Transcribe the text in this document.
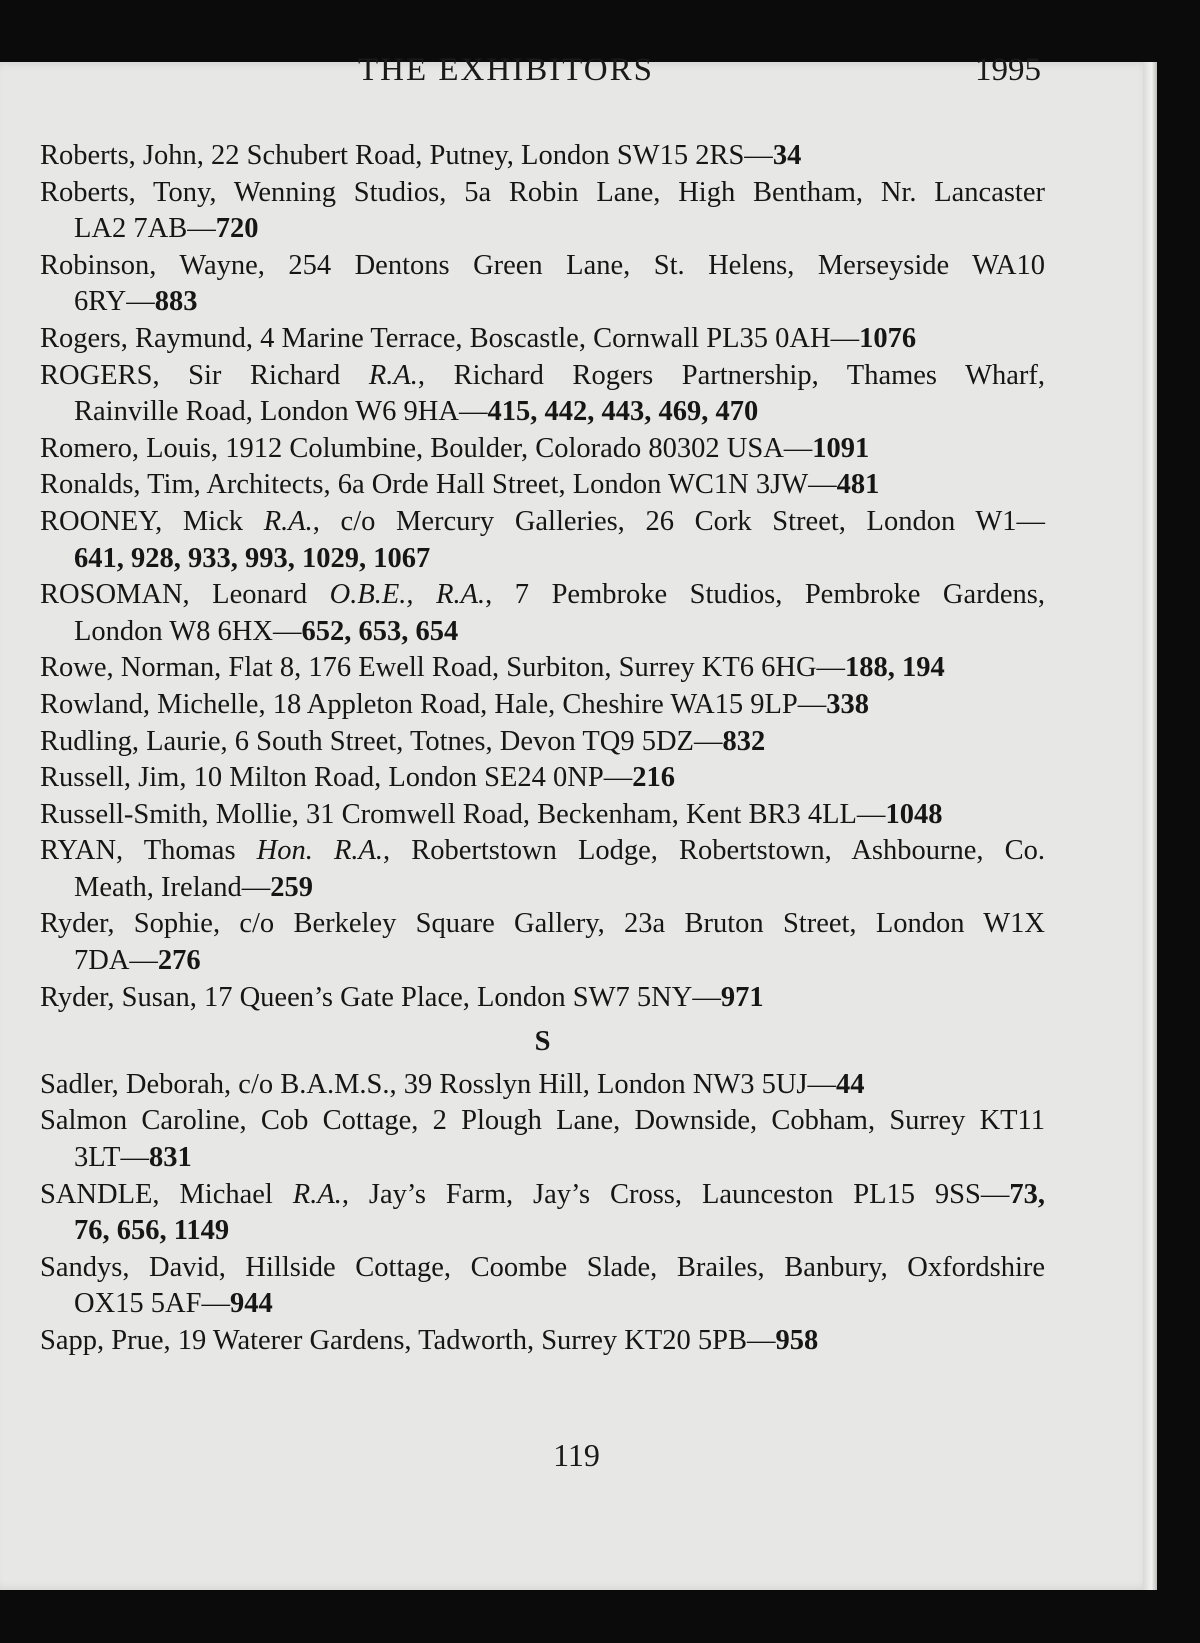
THE EXHIBITORS	1995
Roberts, John, 22 Schubert Road, Putney, London SW15 2RS—34
Roberts, Tony, Wenning Studios, 5a Robin Lane, High Bentham, Nr. Lancaster
LA2 7AB—720
Robinson, Wayne, 254 Dentons Green Lane, St. Helens, Merseyside WA10
6RY—883
Rogers, Raymund, 4 Marine Terrace, Boscastle, Cornwall PL35 0AH—1076
ROGERS, Sir Richard R.A., Richard Rogers Partnership, Thames Wharf,
Rainville Road, London W6 9HA—415, 442, 443, 469, 470
Romero, Louis, 1912 Columbine, Boulder, Colorado 80302 USA—1091
Ronalds, Tim, Architects, 6a Orde Hall Street, London WC1N 3JW—481
ROONEY, Mick R.A., c/o Mercury Galleries, 26 Cork Street, London W1—
641, 928, 933, 993, 1029, 1067
ROSOMAN, Leonard O.B.E., R.A., 7 Pembroke Studios, Pembroke Gardens,
London W8 6HX—652, 653, 654
Rowe, Norman, Flat 8, 176 Ewell Road, Surbiton, Surrey KT6 6HG—188, 194
Rowland, Michelle, 18 Appleton Road, Hale, Cheshire WA15 9LP—338
Rudling, Laurie, 6 South Street, Totnes, Devon TQ9 5DZ—832
Russell, Jim, 10 Milton Road, London SE24 0NP—216
Russell-Smith, Mollie, 31 Cromwell Road, Beckenham, Kent BR3 4LL—1048
RYAN, Thomas Hon. R.A., Robertstown Lodge, Robertstown, Ashbourne, Co.
Meath, Ireland—259
Ryder, Sophie, c/o Berkeley Square Gallery, 23a Bruton Street, London W1X
7DA—276
Ryder, Susan, 17 Queen’s Gate Place, London SW7 5NY—971
S
Sadler, Deborah, c/o B.A.M.S., 39 Rosslyn Hill, London NW3 5UJ—44
Salmon Caroline, Cob Cottage, 2 Plough Lane, Downside, Cobham, Surrey KT11
3LT—831
SANDLE, Michael R.A., Jay’s Farm, Jay’s Cross, Launceston PL15 9SS—73,
76, 656, 1149
Sandys, David, Hillside Cottage, Coombe Slade, Brailes, Banbury, Oxfordshire
OX15 5AF—944
Sapp, Prue, 19 Waterer Gardens, Tadworth, Surrey KT20 5PB—958
119
